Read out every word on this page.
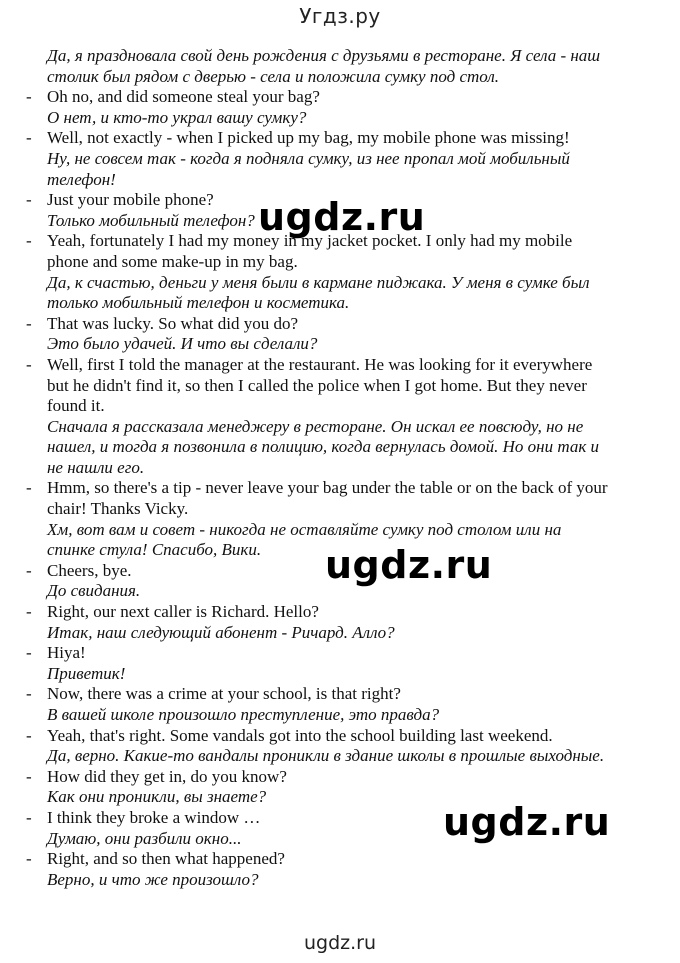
Угдз.ру
Да, я праздновала свой день рождения с друзьями в ресторане. Я села - наш
столик был рядом с дверью - села и положила сумку под стол.
- Oh no, and did someone steal your bag?
О нет, и кто-то украл вашу сумку?
- Well, not exactly - when I picked up my bag, my mobile phone was missing!
Ну, не совсем так - когда я подняла сумку, из нее пропал мой мобильный
телефон!
- Just your mobile phone?
Только мобильный телефон?
- Yeah, fortunately I had my money in my jacket pocket. I only had my mobile
phone and some make-up in my bag.
Да, к счастью, деньги у меня были в кармане пиджака. У меня в сумке был
только мобильный телефон и косметика.
- That was lucky. So what did you do?
Это было удачей. И что вы сделали?
- Well, first I told the manager at the restaurant. He was looking for it everywhere
but he didn't find it, so then I called the police when I got home. But they never
found it.
Сначала я рассказала менеджеру в ресторане. Он искал ее повсюду, но не
нашел, и тогда я позвонила в полицию, когда вернулась домой. Но они так и
не нашли его.
- Hmm, so there's a tip - never leave your bag under the table or on the back of your
chair! Thanks Vicky.
Хм, вот вам и совет - никогда не оставляйте сумку под столом или на
спинке стула! Спасибо, Вики.
- Cheers, bye.
До свидания.
- Right, our next caller is Richard. Hello?
Итак, наш следующий абонент - Ричард. Алло?
- Hiya!
Приветик!
- Now, there was a crime at your school, is that right?
В вашей школе произошло преступление, это правда?
- Yeah, that's right. Some vandals got into the school building last weekend.
Да, верно. Какие-то вандалы проникли в здание школы в прошлые выходные.
- How did they get in, do you know?
Как они проникли, вы знаете?
- I think they broke a window …
Думаю, они разбили окно...
- Right, and so then what happened?
Верно, и что же произошло?
ugdz.ru
ugdz.ru
ugdz.ru
ugdz.ru
